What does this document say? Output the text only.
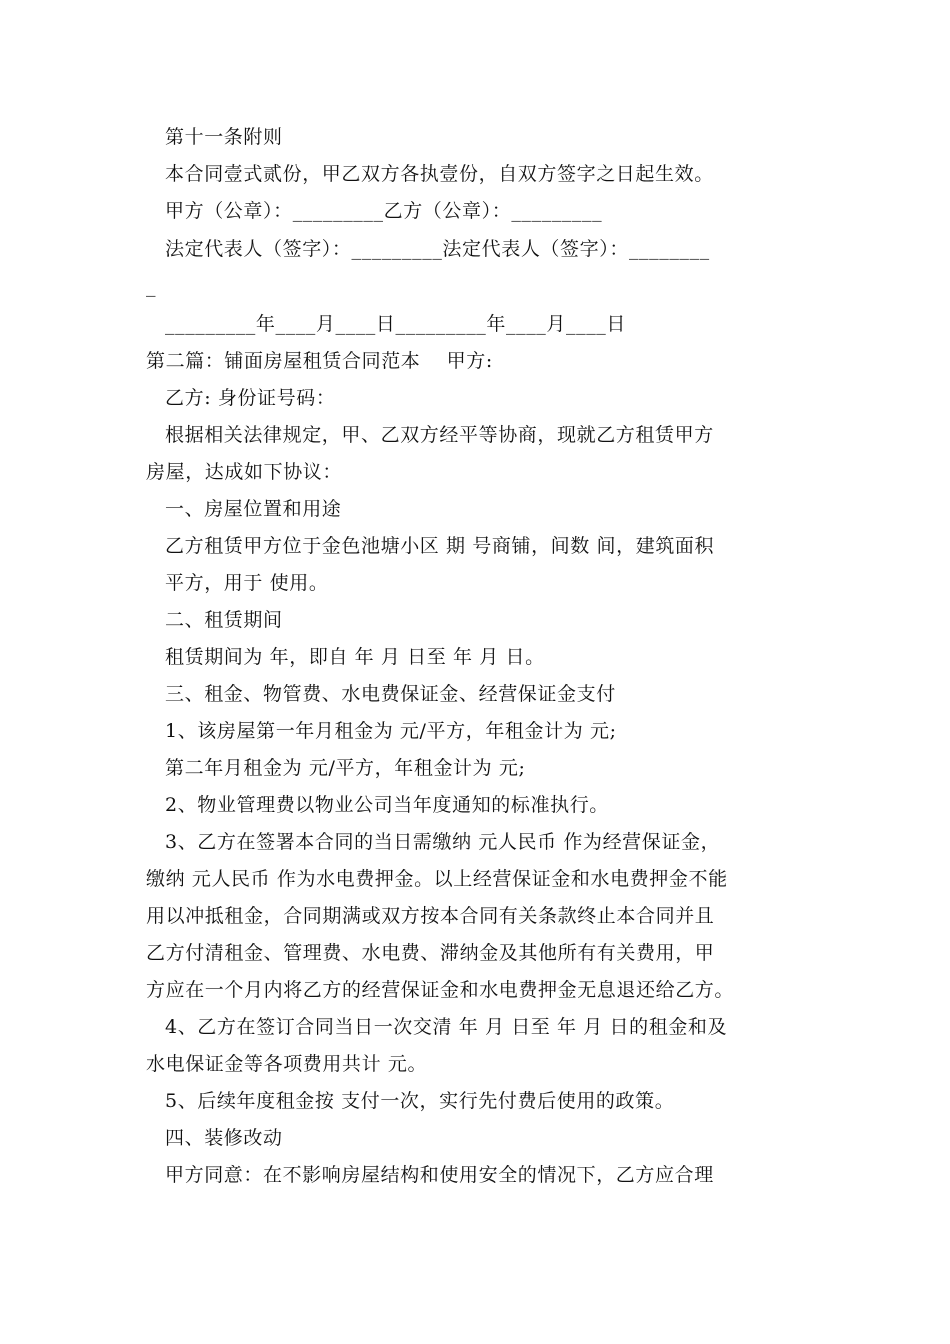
第十一条附则
本合同壹式贰份，甲乙双方各执壹份，自双方签字之日起生效。
甲方（公章）：_________乙方（公章）：_________
法定代表人（签字）：_________法定代表人（签字）：________
_
_________年____月____日_________年____月____日
第二篇：铺面房屋租赁合同范本 　甲方:
乙方: 身份证号码：
根据相关法律规定，甲、乙双方经平等协商，现就乙方租赁甲方
房屋，达成如下协议：
一、房屋位置和用途
乙方租赁甲方位于金色池塘小区 期 号商铺，间数 间，建筑面积
平方，用于 使用。
二、租赁期间
租赁期间为 年，即自 年 月 日至 年 月 日。
三、租金、物管费、水电费保证金、经营保证金支付
1、该房屋第一年月租金为 元/平方，年租金计为 元;
第二年月租金为 元/平方，年租金计为 元;
2、物业管理费以物业公司当年度通知的标准执行。
3、乙方在签署本合同的当日需缴纳 元人民币 作为经营保证金，
缴纳 元人民币 作为水电费押金。以上经营保证金和水电费押金不能
用以冲抵租金，合同期满或双方按本合同有关条款终止本合同并且
乙方付清租金、管理费、水电费、滞纳金及其他所有有关费用，甲
方应在一个月内将乙方的经营保证金和水电费押金无息退还给乙方。
4、乙方在签订合同当日一次交清 年 月 日至 年 月 日的租金和及
水电保证金等各项费用共计 元。
5、后续年度租金按 支付一次，实行先付费后使用的政策。
四、装修改动
甲方同意：在不影响房屋结构和使用安全的情况下，乙方应合理
